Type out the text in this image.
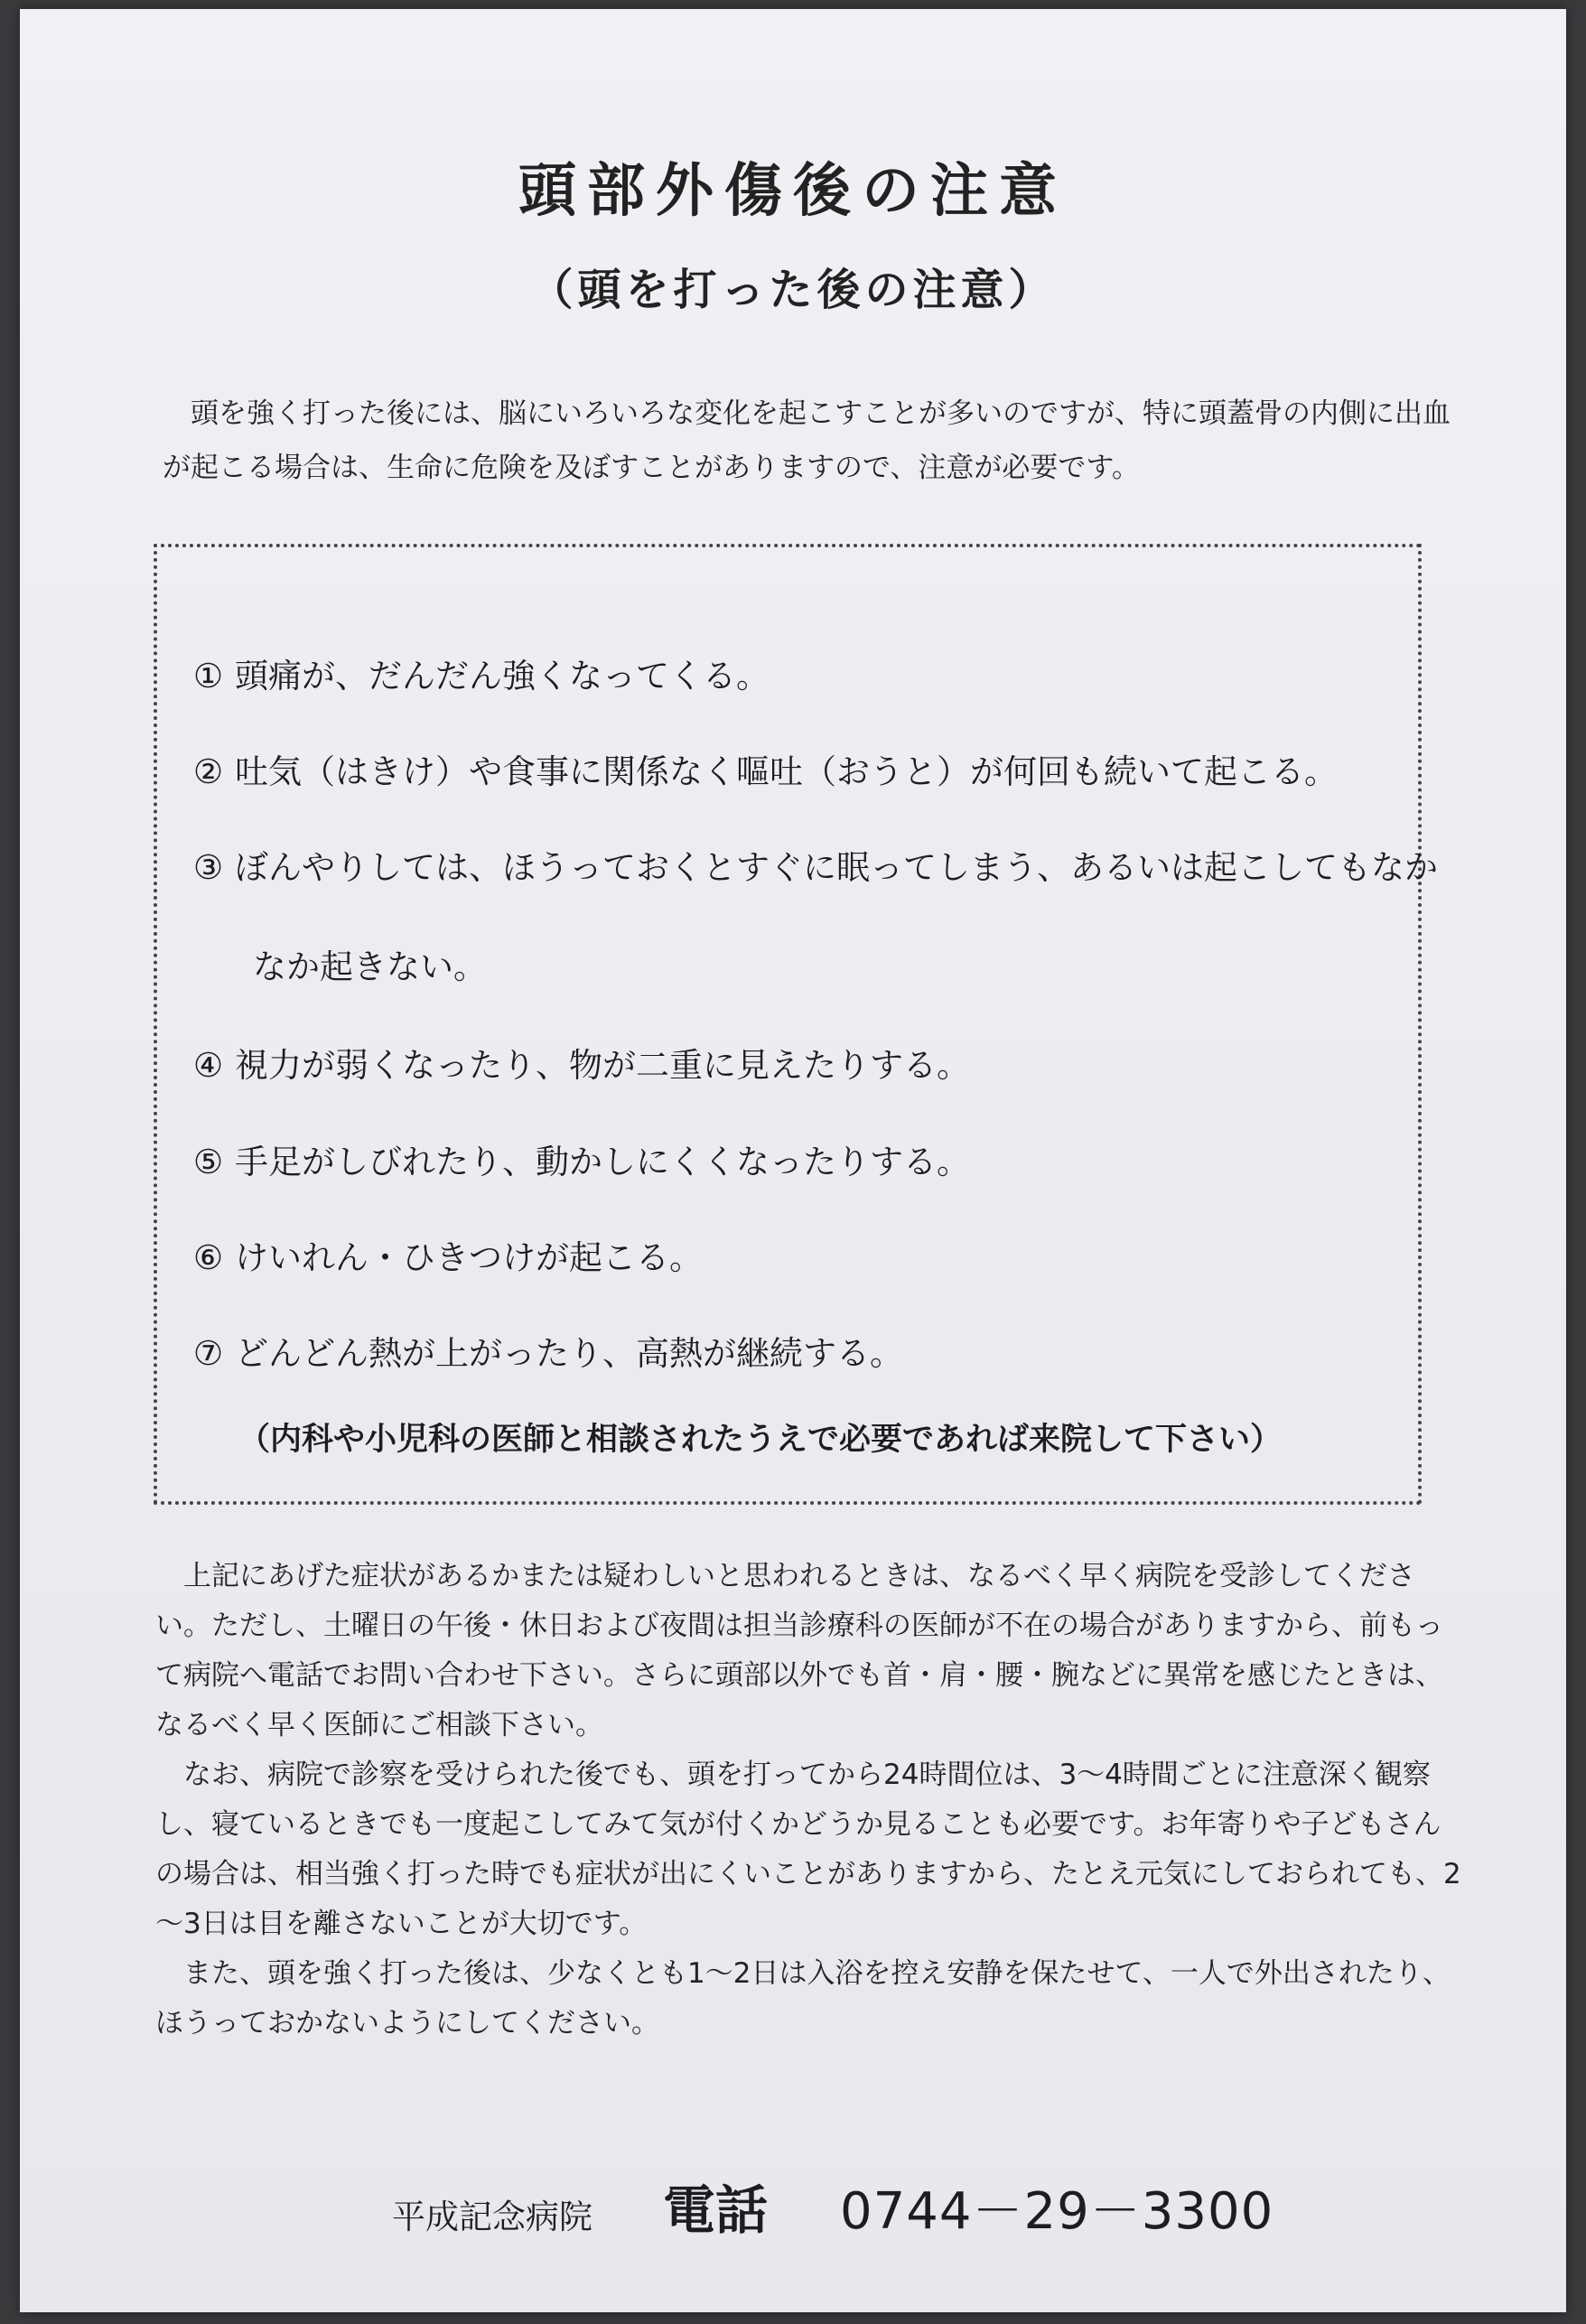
頭部外傷後の注意
（頭を打った後の注意）

頭を強く打った後には、脳にいろいろな変化を起こすことが多いのですが、特に頭蓋骨の内側に出血が起こる場合は、生命に危険を及ぼすことがありますので、注意が必要です。

① 頭痛が、だんだん強くなってくる。
② 吐気（はきけ）や食事に関係なく嘔吐（おうと）が何回も続いて起こる。
③ ぼんやりしては、ほうっておくとすぐに眠ってしまう、あるいは起こしてもなか
なか起きない。
④ 視力が弱くなったり、物が二重に見えたりする。
⑤ 手足がしびれたり、動かしにくくなったりする。
⑥ けいれん・ひきつけが起こる。
⑦ どんどん熱が上がったり、高熱が継続する。
（内科や小児科の医師と相談されたうえで必要であれば来院して下さい）

上記にあげた症状があるかまたは疑わしいと思われるときは、なるべく早く病院を受診してください。ただし、土曜日の午後・休日および夜間は担当診療科の医師が不在の場合がありますから、前もって病院へ電話でお問い合わせ下さい。さらに頭部以外でも首・肩・腰・腕などに異常を感じたときは、なるべく早く医師にご相談下さい。

なお、病院で診察を受けられた後でも、頭を打ってから24時間位は、3～4時間ごとに注意深く観察し、寝ているときでも一度起こしてみて気が付くかどうか見ることも必要です。お年寄りや子どもさんの場合は、相当強く打った時でも症状が出にくいことがありますから、たとえ元気にしておられても、2～3日は目を離さないことが大切です。

また、頭を強く打った後は、少なくとも1～2日は入浴を控え安静を保たせて、一人で外出されたり、ほうっておかないようにしてください。

平成記念病院 電話 0744－29－3300
